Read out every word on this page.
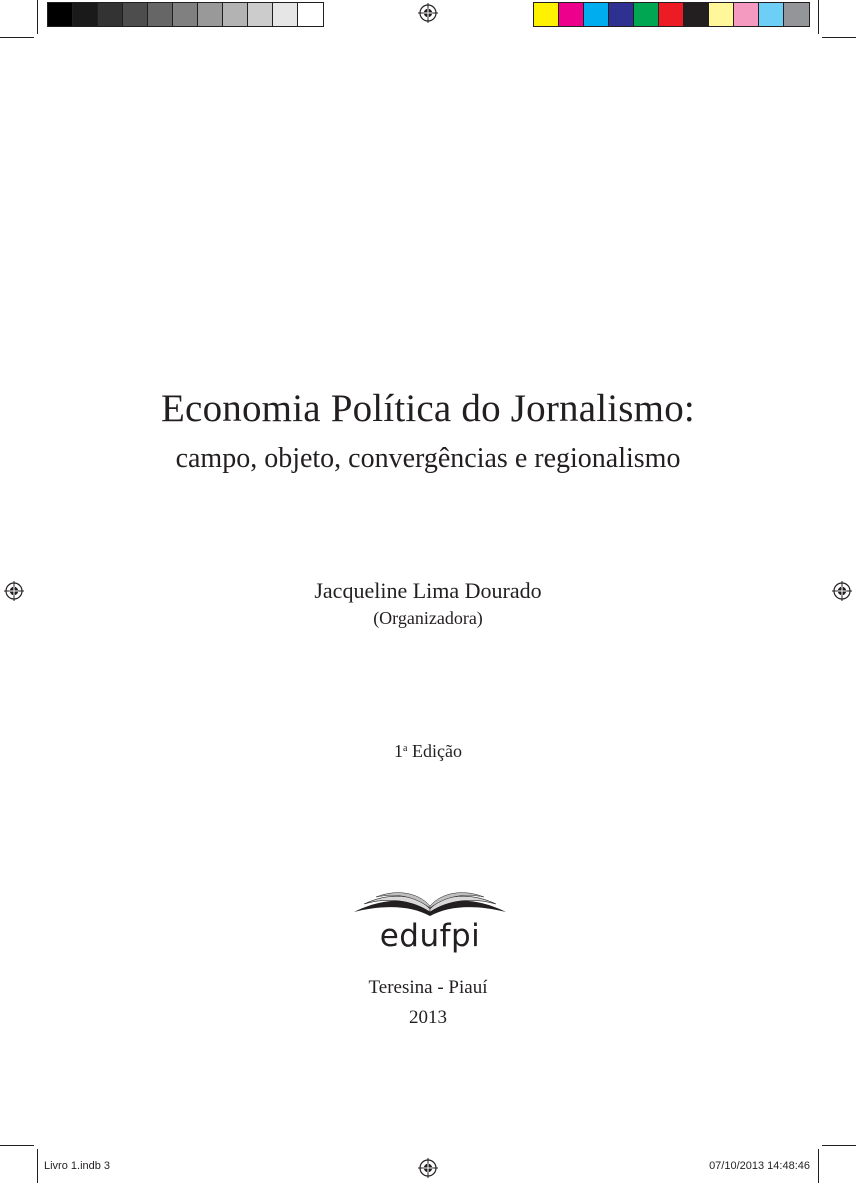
Economia Política do Jornalismo:
campo, objeto, convergências e regionalismo
Jacqueline Lima Dourado
(Organizadora)
1$^a$ Edição
edufpi
Teresina - Piauí
2013
Livro 1.indb 3	07/10/2013 14:48:46
